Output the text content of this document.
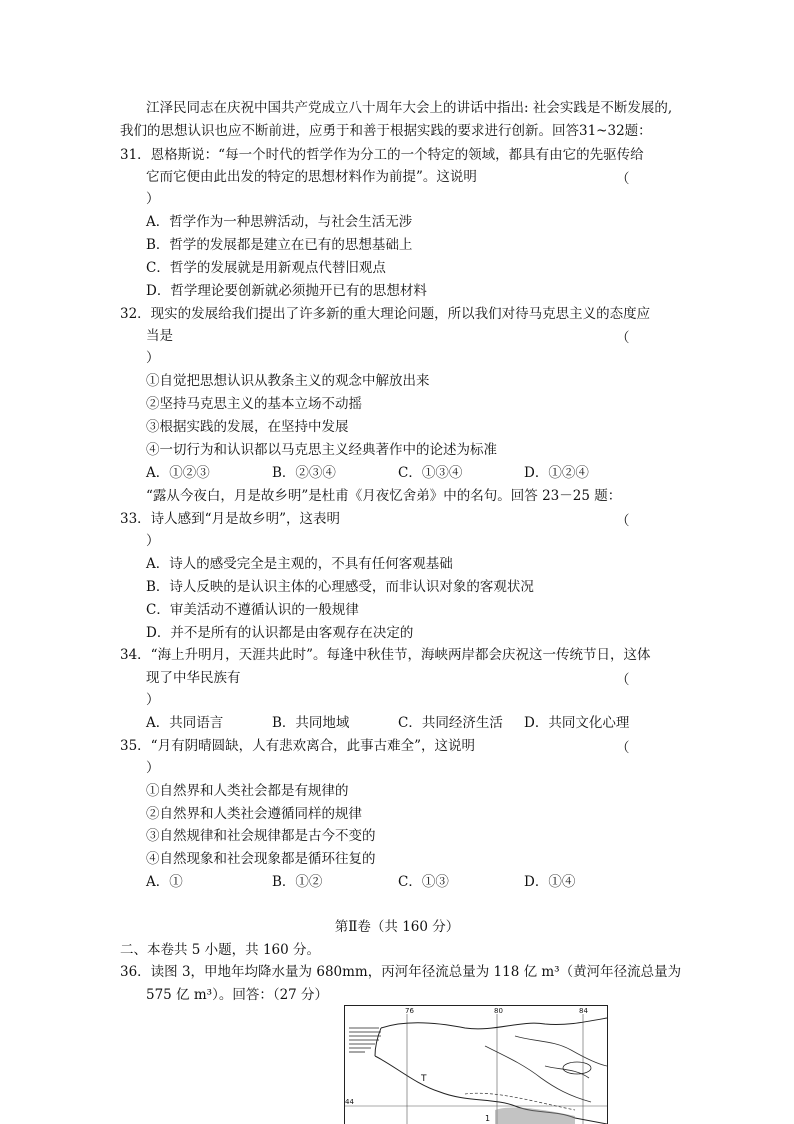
江泽民同志在庆祝中国共产党成立八十周年大会上的讲话中指出: 社会实践是不断发展的,
我们的思想认识也应不断前进，应勇于和善于根据实践的要求进行创新。回答31~32题：
31．恩格斯说：“每一个时代的哲学作为分工的一个特定的领域，都具有由它的先驱传给
它而它便由此出发的特定的思想材料作为前提”。这说明	（
）
A．哲学作为一种思辨活动，与社会生活无涉
B．哲学的发展都是建立在已有的思想基础上
C．哲学的发展就是用新观点代替旧观点
D．哲学理论要创新就必须抛开已有的思想材料
32．现实的发展给我们提出了许多新的重大理论问题，所以我们对待马克思主义的态度应
当是	（
）
①自觉把思想认识从教条主义的观念中解放出来
②坚持马克思主义的基本立场不动摇
③根据实践的发展，在坚持中发展
④一切行为和认识都以马克思主义经典著作中的论述为标准
A．①②③	B．②③④	C．①③④	D．①②④
“露从今夜白，月是故乡明”是杜甫《月夜忆舍弟》中的名句。回答 23－25 题：
33．诗人感到“月是故乡明”，这表明	（
）
A．诗人的感受完全是主观的，不具有任何客观基础
B．诗人反映的是认识主体的心理感受，而非认识对象的客观状况
C．审美活动不遵循认识的一般规律
D．并不是所有的认识都是由客观存在决定的
34．“海上升明月，天涯共此时”。每逢中秋佳节，海峡两岸都会庆祝这一传统节日，这体
现了中华民族有	（
）
A．共同语言	B．共同地域	C．共同经济生活 D．共同文化心理
35．“月有阴晴圆缺，人有悲欢离合，此事古难全”，这说明	（
）
①自然界和人类社会都是有规律的
②自然界和人类社会遵循同样的规律
③自然规律和社会规律都是古今不变的
④自然现象和社会现象都是循环往复的
A．①	B．①②	C．①③	D．①④
第Ⅱ卷（共 160 分）
二、本卷共 5 小题，共 160 分。
36．读图 3，甲地年均降水量为 680mm，丙河年径流总量为 118 亿 m³（黄河年径流总量为
575 亿 m³）。回答：（27 分）
76	80	84
44
T
1
